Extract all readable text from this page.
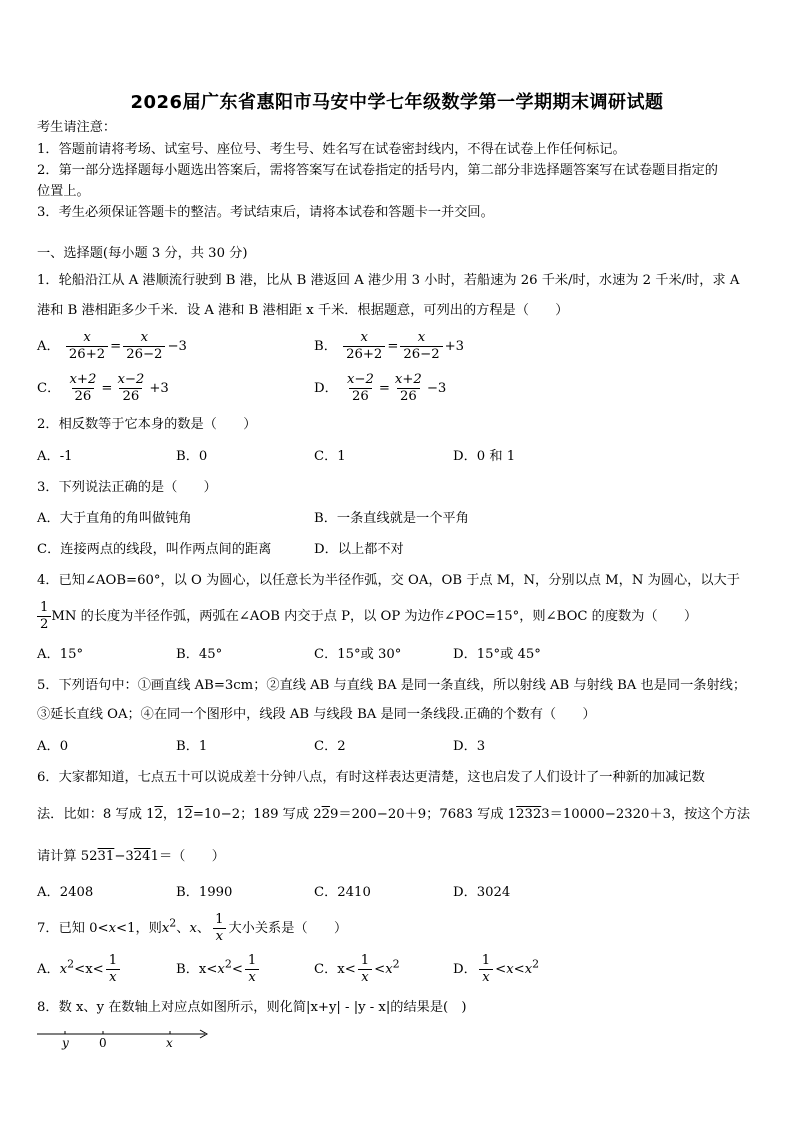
2026届广东省惠阳市马安中学七年级数学第一学期期末调研试题
考生请注意：
1．答题前请将考场、试室号、座位号、考生号、姓名写在试卷密封线内，不得在试卷上作任何标记。
2．第一部分选择题每小题选出答案后，需将答案写在试卷指定的括号内，第二部分非选择题答案写在试卷题目指定的
位置上。
3．考生必须保证答题卡的整洁。考试结束后，请将本试卷和答题卡一并交回。
一、选择题(每小题 3 分，共 30 分)
1．轮船沿江从 A 港顺流行驶到 B 港，比从 B 港返回 A 港少用 3 小时，若船速为 26 千米/时，水速为 2 千米/时，求 A
港和 B 港相距多少千米．设 A 港和 B 港相距 x 千米．根据题意，可列出的方程是（　　）
A． $\frac{x}{26+2} = \frac{x}{26-2} -3$	B． $\frac{x}{26+2} = \frac{x}{26-2} +3$
C． $\frac{x+2}{26} = \frac{x-2}{26} +3$	D． $\frac{x-2}{26} = \frac{x+2}{26} -3$
2．相反数等于它本身的数是（　　）
A．-1	B．0	C．1	D．0 和 1
3．下列说法正确的是（　　）
A．大于直角的角叫做钝角	B．一条直线就是一个平角
C．连接两点的线段，叫作两点间的距离	D．以上都不对
4．已知∠AOB=60°，以 O 为圆心，以任意长为半径作弧，交 OA，OB 于点 M，N，分别以点 M，N 为圆心，以大于
$\frac{1}{2}$ MN 的长度为半径作弧，两弧在∠AOB 内交于点 P，以 OP 为边作∠POC=15°，则∠BOC 的度数为（　　）
A．15°	B．45°	C．15°或 30°	D．15°或 45°
5．下列语句中：①画直线 AB=3cm；②直线 AB 与直线 BA 是同一条直线，所以射线 AB 与射线 BA 也是同一条射线；
③延长直线 OA；④在同一个图形中，线段 AB 与线段 BA 是同一条线段.正确的个数有（　　）
A．0	B．1	C．2	D．3
6．大家都知道，七点五十可以说成差十分钟八点，有时这样表达更清楚，这也启发了人们设计了一种新的加减记数
法．比如：8 写成 12，12=10−2；189 写成 229＝200−20＋9；7683 写成 12323＝10000−2320＋3，按这个方法
请计算 5231−3241＝（　　）
A．2408	B．1990	C．2410	D．3024
7．已知 0<x<1，则$x^2$、x、 $\frac{1}{x}$ 大小关系是（　　）
A．$x^2<x< \frac{1}{x}$	B．$x<x^2< \frac{1}{x}$	C．$x< \frac{1}{x} <x^2$	D． $\frac{1}{x} <x<x^2$
8．数 x、y 在数轴上对应点如图所示，则化简|x+y| - |y - x|的结果是(　)
y	0	x
